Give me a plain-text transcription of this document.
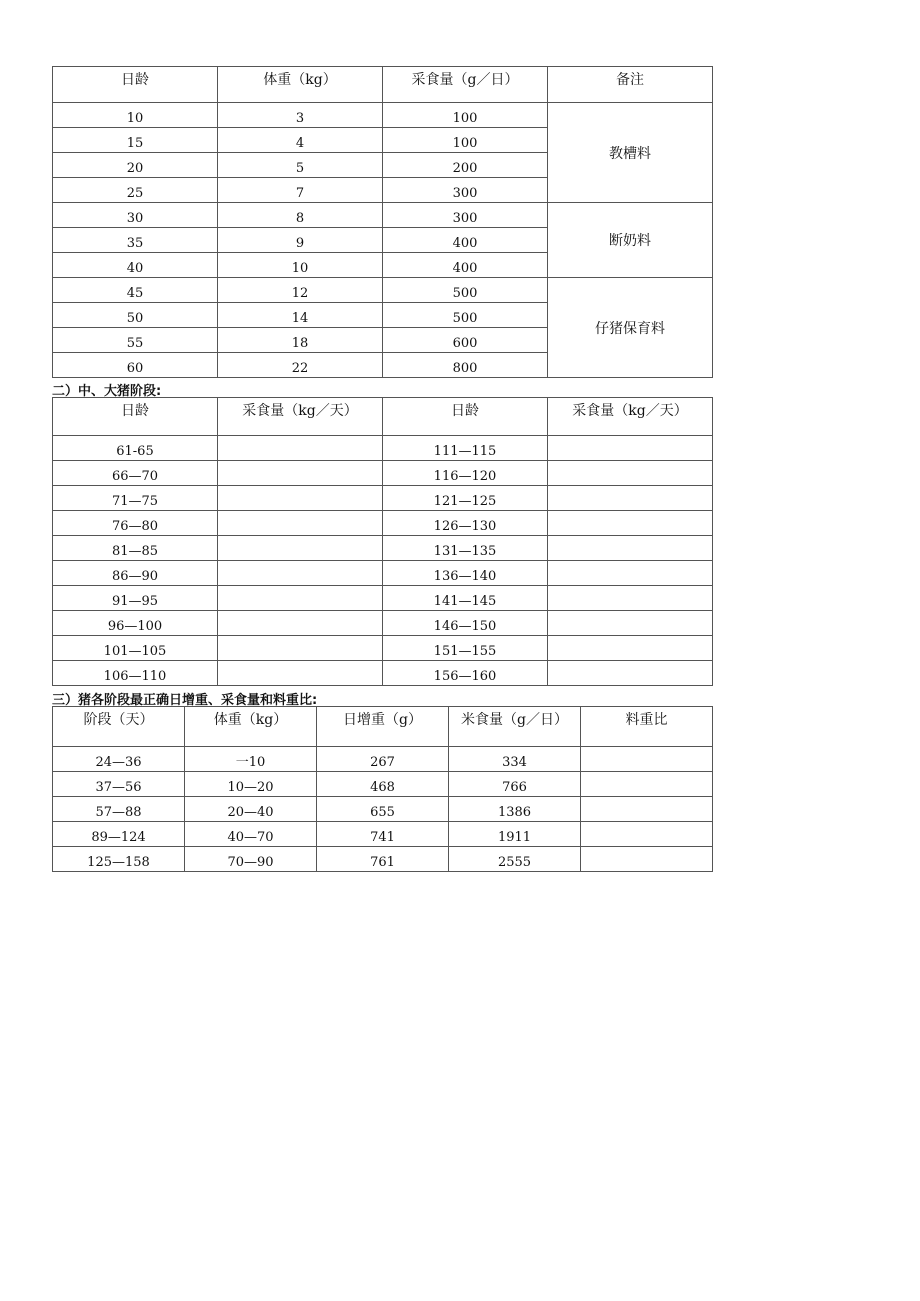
日龄	体重（kg）	采食量（g／日）	备注
10	3	100	教槽料
15	4	100	
20	5	200	
25	7	300	
30	8	300	断奶料
35	9	400	
40	10	400	
45	12	500	仔猪保育料
50	14	500	
55	18	600	
60	22	800	
二）中、大猪阶段:
日龄	采食量（kg／天）	日龄	采食量（kg／天）
61-65		111—115	
66—70		116—120	
71—75		121—125	
76—80		126—130	
81—85		131—135	
86—90		136—140	
91—95		141—145	
96—100		146—150	
101—105		151—155	
106—110		156—160	
三）猪各阶段最正确日增重、采食量和料重比:
阶段（天）	体重（kg）	日增重（g）	米食量（g／日）	料重比
24—36	一10	267	334	
37—56	10—20	468	766	
57—88	20—40	655	1386	
89—124	40—70	741	1911	
125—158	70—90	761	2555	
